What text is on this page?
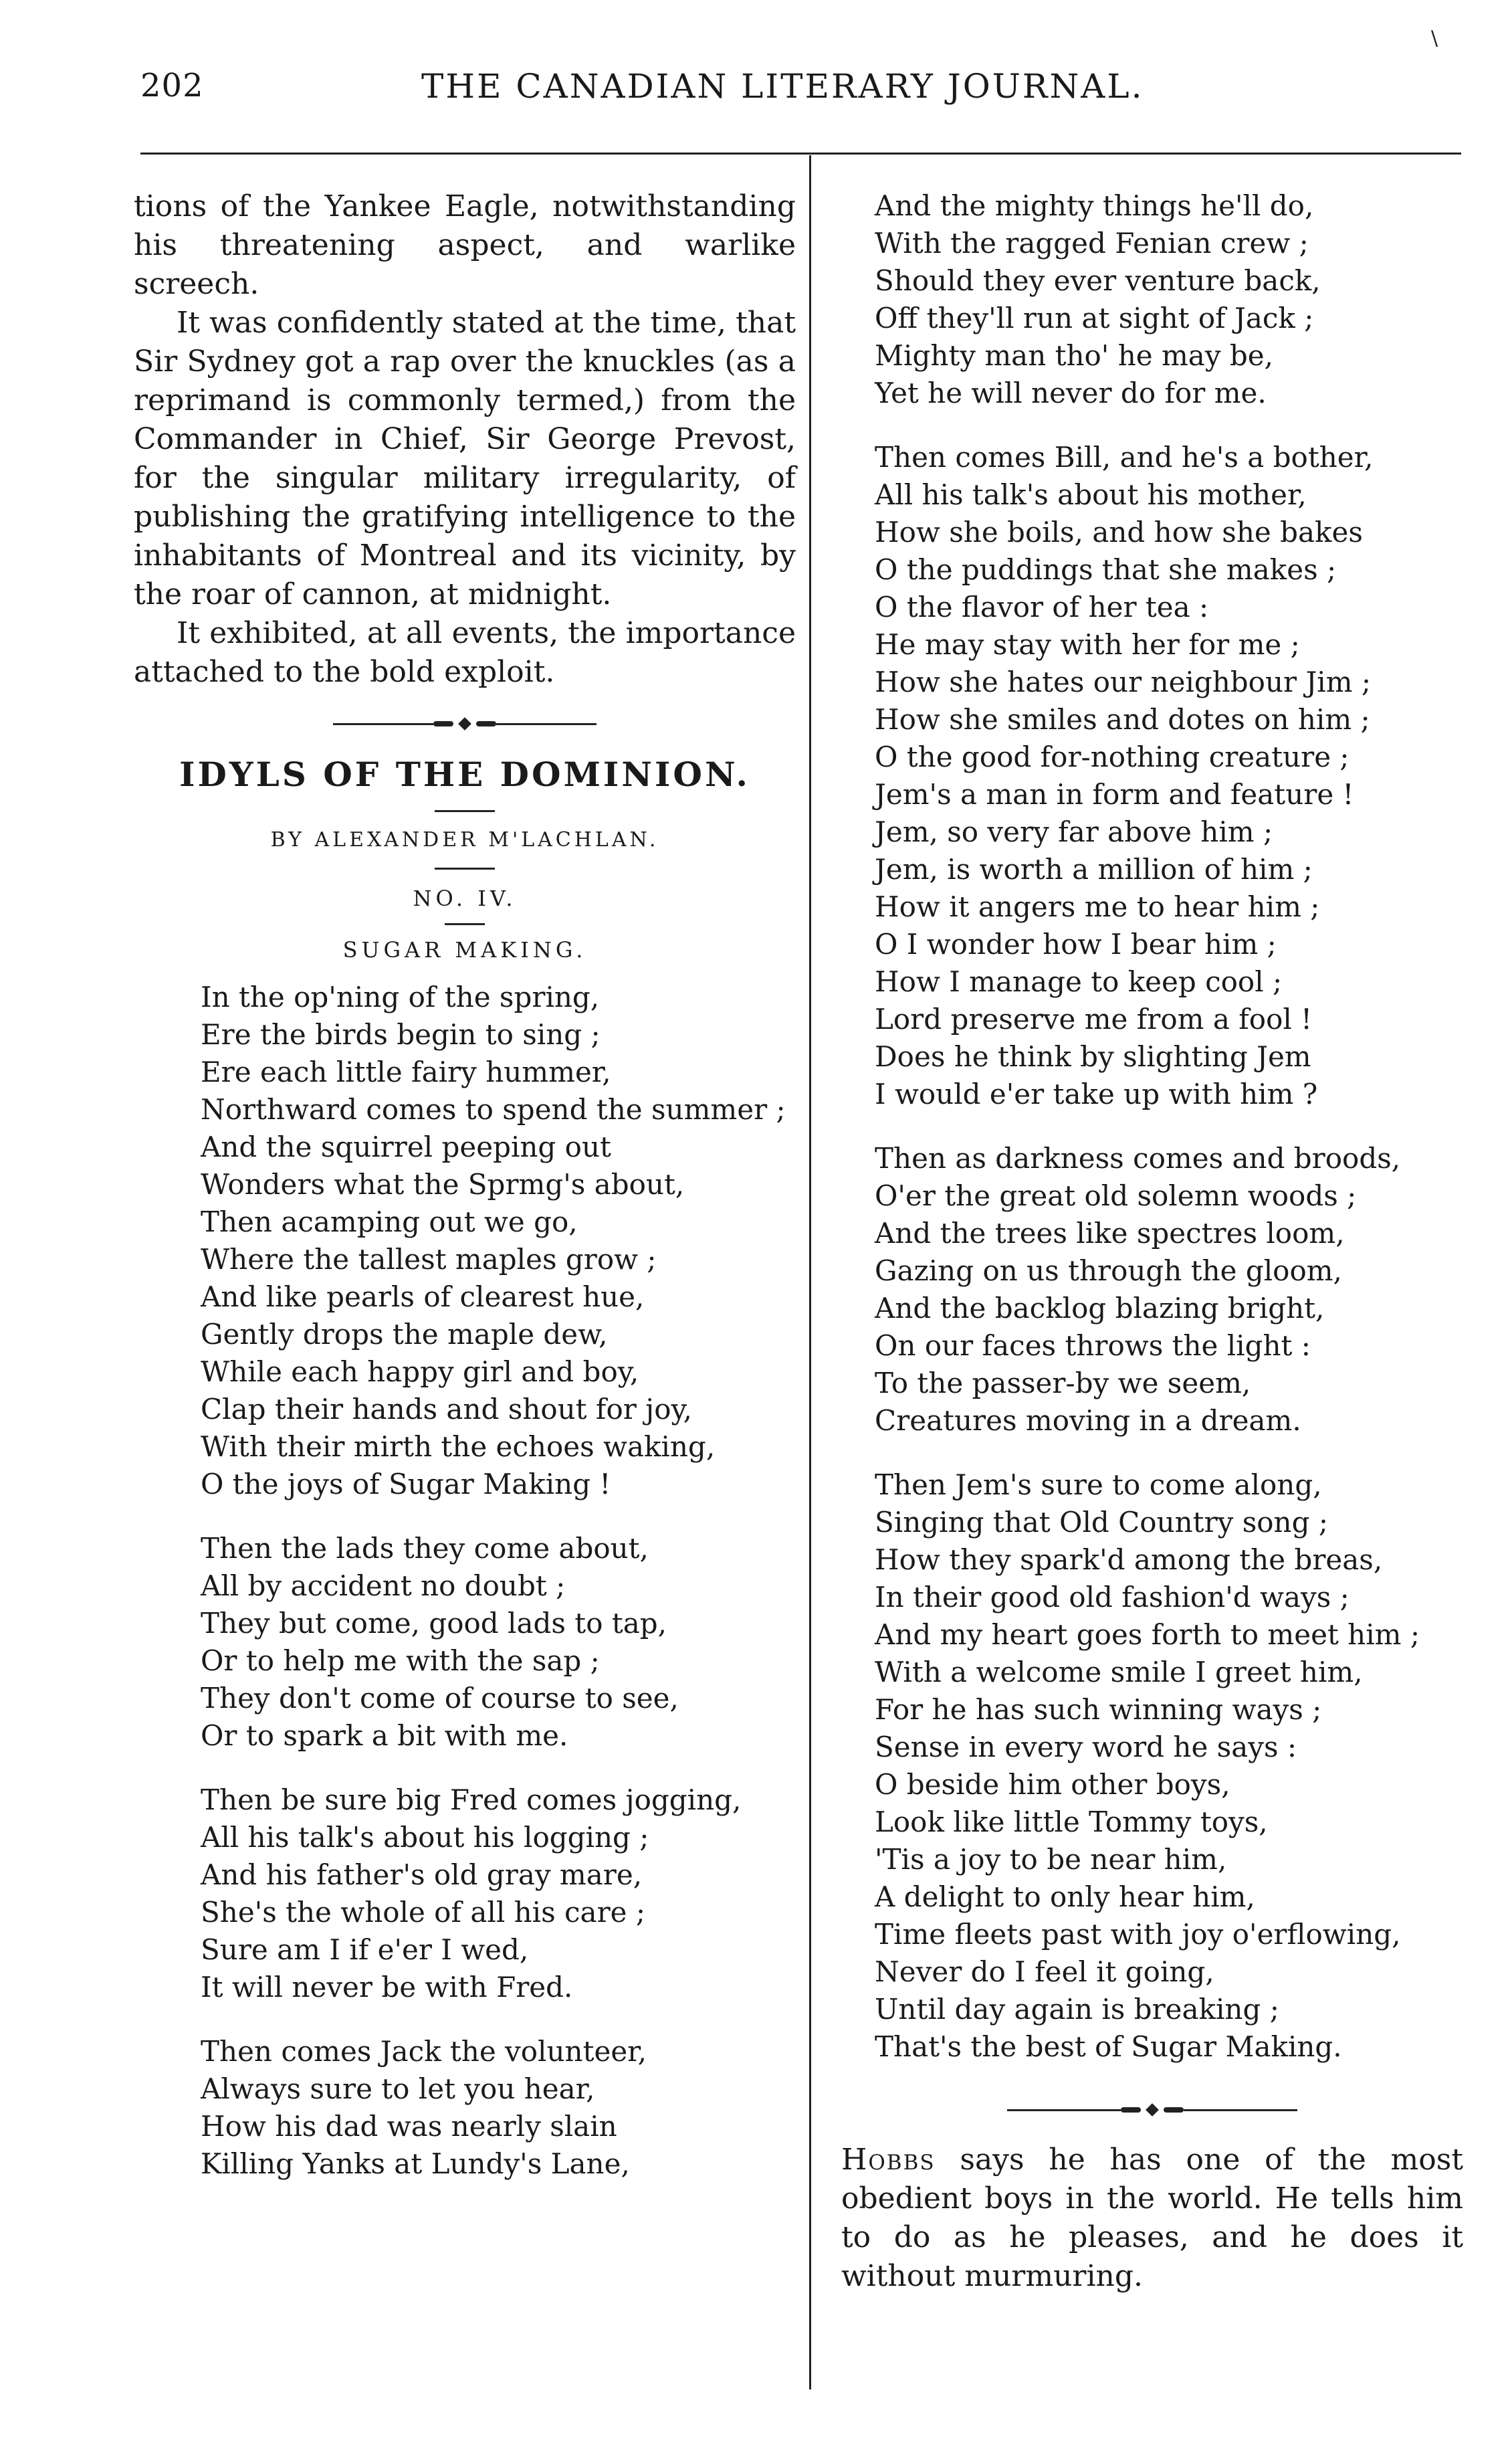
202	THE CANADIAN LITERARY JOURNAL.
\

tions of the Yankee Eagle, notwithstanding his threatening aspect, and warlike screech.

It was confidently stated at the time, that Sir Sydney got a rap over the knuckles (as a reprimand is commonly termed,) from the Commander in Chief, Sir George Prevost, for the singular military irregularity, of publishing the gratifying intelligence to the inhabitants of Montreal and its vicinity, by the roar of cannon, at midnight.

It exhibited, at all events, the importance attached to the bold exploit.

IDYLS OF THE DOMINION.

BY ALEXANDER M'LACHLAN.

NO. IV.

SUGAR MAKING.

In the op'ning of the spring,
Ere the birds begin to sing ;
Ere each little fairy hummer,
Northward comes to spend the summer ;
And the squirrel peeping out
Wonders what the Sprmg's about,
Then acamping out we go,
Where the tallest maples grow ;
And like pearls of clearest hue,
Gently drops the maple dew,
While each happy girl and boy,
Clap their hands and shout for joy,
With their mirth the echoes waking,
O the joys of Sugar Making !
Then the lads they come about,
All by accident no doubt ;
They but come, good lads to tap,
Or to help me with the sap ;
They don't come of course to see,
Or to spark a bit with me.
Then be sure big Fred comes jogging,
All his talk's about his logging ;
And his father's old gray mare,
She's the whole of all his care ;
Sure am I if e'er I wed,
It will never be with Fred.
Then comes Jack the volunteer,
Always sure to let you hear,
How his dad was nearly slain
Killing Yanks at Lundy's Lane,
And the mighty things he'll do,
With the ragged Fenian crew ;
Should they ever venture back,
Off they'll run at sight of Jack ;
Mighty man tho' he may be,
Yet he will never do for me.
Then comes Bill, and he's a bother,
All his talk's about his mother,
How she boils, and how she bakes
O the puddings that she makes ;
O the flavor of her tea :
He may stay with her for me ;
How she hates our neighbour Jim ;
How she smiles and dotes on him ;
O the good for-nothing creature ;
Jem's a man in form and feature !
Jem, so very far above him ;
Jem, is worth a million of him ;
How it angers me to hear him ;
O I wonder how I bear him ;
How I manage to keep cool ;
Lord preserve me from a fool !
Does he think by slighting Jem
I would e'er take up with him ?
Then as darkness comes and broods,
O'er the great old solemn woods ;
And the trees like spectres loom,
Gazing on us through the gloom,
And the backlog blazing bright,
On our faces throws the light :
To the passer-by we seem,
Creatures moving in a dream.
Then Jem's sure to come along,
Singing that Old Country song ;
How they spark'd among the breas,
In their good old fashion'd ways ;
And my heart goes forth to meet him ;
With a welcome smile I greet him,
For he has such winning ways ;
Sense in every word he says :
O beside him other boys,
Look like little Tommy toys,
'Tis a joy to be near him,
A delight to only hear him,
Time fleets past with joy o'erflowing,
Never do I feel it going,
Until day again is breaking ;
That's the best of Sugar Making.
Hobbs says he has one of the most obedient boys in the world. He tells him to do as he pleases, and he does it without murmuring.
